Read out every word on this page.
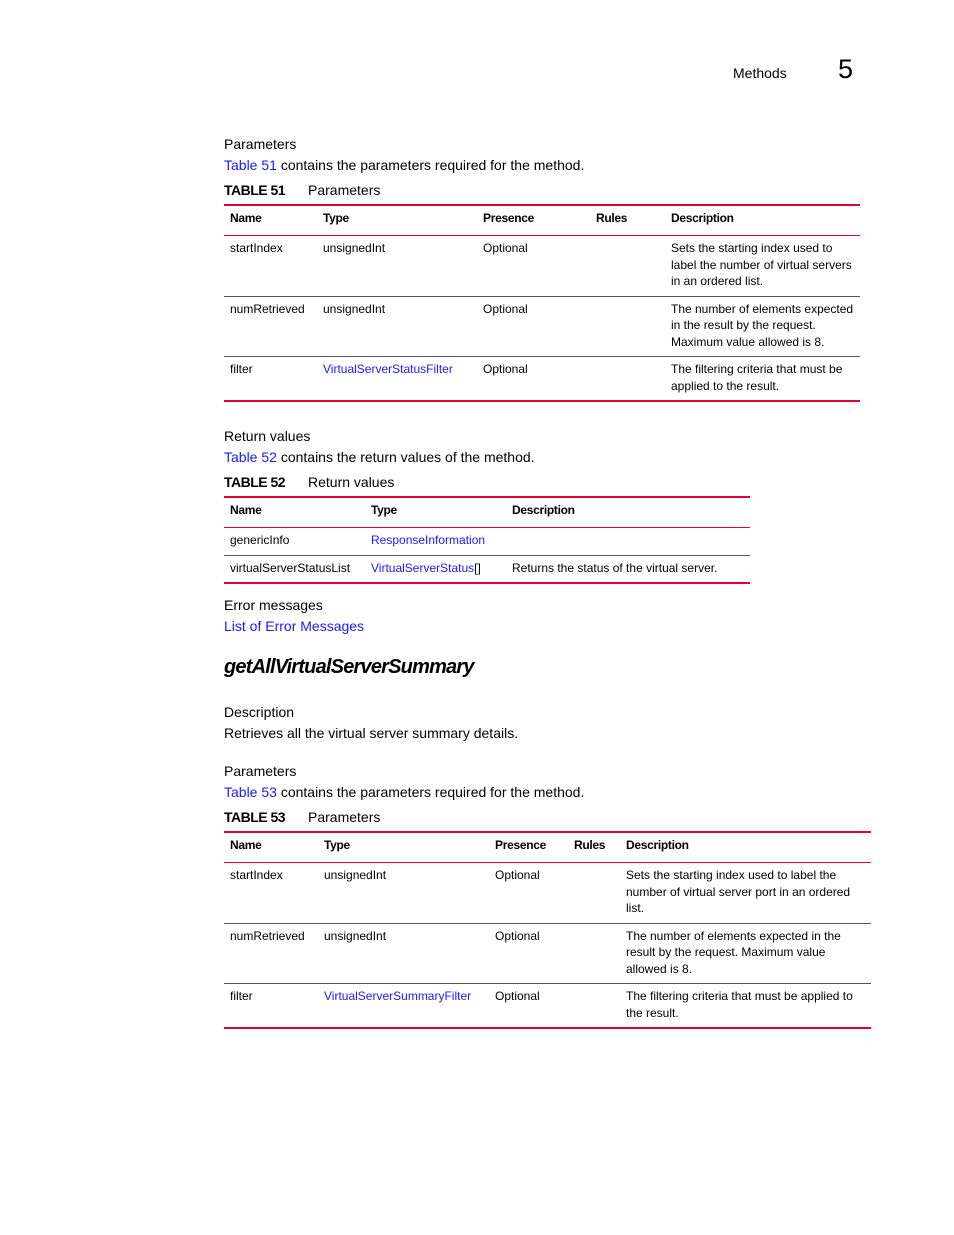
Methods 5
Parameters
Table 51 contains the parameters required for the method.
TABLE 51 Parameters
Name	Type	Presence	Rules	Description
startIndex	unsignedInt	Optional		Sets the starting index used to label the number of virtual servers in an ordered list.
numRetrieved	unsignedInt	Optional		The number of elements expected in the result by the request. Maximum value allowed is 8.
filter	VirtualServerStatusFilter	Optional		The filtering criteria that must be applied to the result.
Return values
Table 52 contains the return values of the method.
TABLE 52 Return values
Name	Type	Description
genericInfo	ResponseInformation	
virtualServerStatusList	VirtualServerStatus[]	Returns the status of the virtual server.
Error messages
List of Error Messages
getAllVirtualServerSummary
Description
Retrieves all the virtual server summary details.
Parameters
Table 53 contains the parameters required for the method.
TABLE 53 Parameters
Name	Type	Presence	Rules	Description
startIndex	unsignedInt	Optional		Sets the starting index used to label the number of virtual server port in an ordered list.
numRetrieved	unsignedInt	Optional		The number of elements expected in the result by the request. Maximum value allowed is 8.
filter	VirtualServerSummaryFilter	Optional		The filtering criteria that must be applied to the result.
